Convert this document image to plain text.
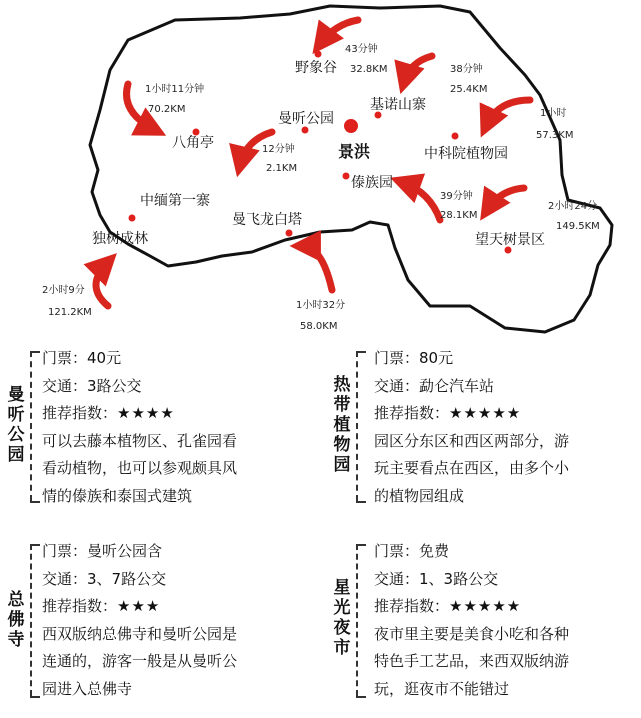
景洪
野象谷
基诺山寨
中科院植物园
望天树景区
傣族园
曼听公园
八角亭
中缅第一寨
曼飞龙白塔
独树成林
43分钟
32.8KM	38分钟
25.4KM
1小时
57.3KM
2小时24分
149.5KM
39分钟
28.1KM
12分钟
2.1KM
1小时11分钟
70.2KM
1小时32分
58.0KM
2小时9分
121.2KM
曼
听
公
园
门票：40元
交通：3路公交
推荐指数：★★★★
可以去藤本植物区、孔雀园看
看动植物，也可以参观颇具风
情的傣族和泰国式建筑
热
带
植
物
园
门票：80元
交通：勐仑汽车站
推荐指数：★★★★★
园区分东区和西区两部分，游
玩主要看点在西区，由多个小
的植物园组成
总
佛
寺
门票：曼听公园含
交通：3、7路公交
推荐指数：★★★
西双版纳总佛寺和曼听公园是
连通的，游客一般是从曼听公
园进入总佛寺
星
光
夜
市
门票：免费
交通：1、3路公交
推荐指数：★★★★★
夜市里主要是美食小吃和各种
特色手工艺品，来西双版纳游
玩，逛夜市不能错过
